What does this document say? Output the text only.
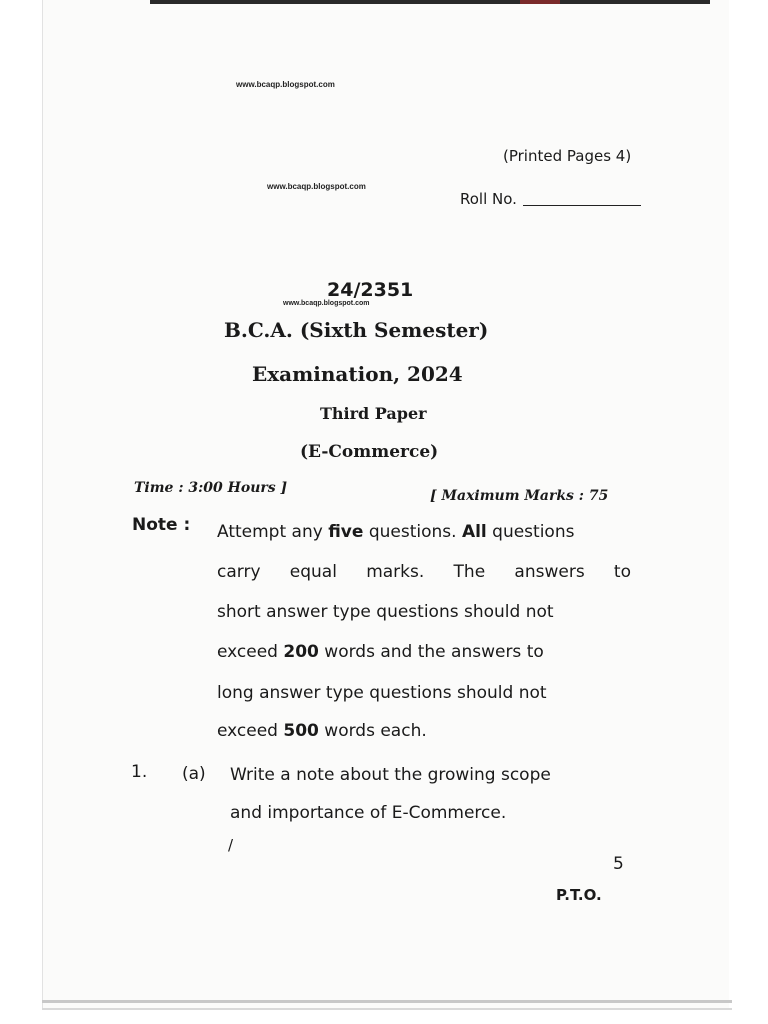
www.bcaqp.blogspot.com
www.bcaqp.blogspot.com
www.bcaqp.blogspot.com
(Printed Pages 4)
Roll No.
24/2351
B.C.A. (Sixth Semester)
Examination, 2024
Third Paper
(E-Commerce)
Time : 3:00 Hours ]	[ Maximum Marks : 75
Note : Attempt any five questions. All questions
carry equal marks. The answers to
short answer type questions should not
exceed 200 words and the answers to
long answer type questions should not
exceed 500 words each.
1. (a) Write a note about the growing scope
and importance of E-Commerce.
/
5
P.T.O.
